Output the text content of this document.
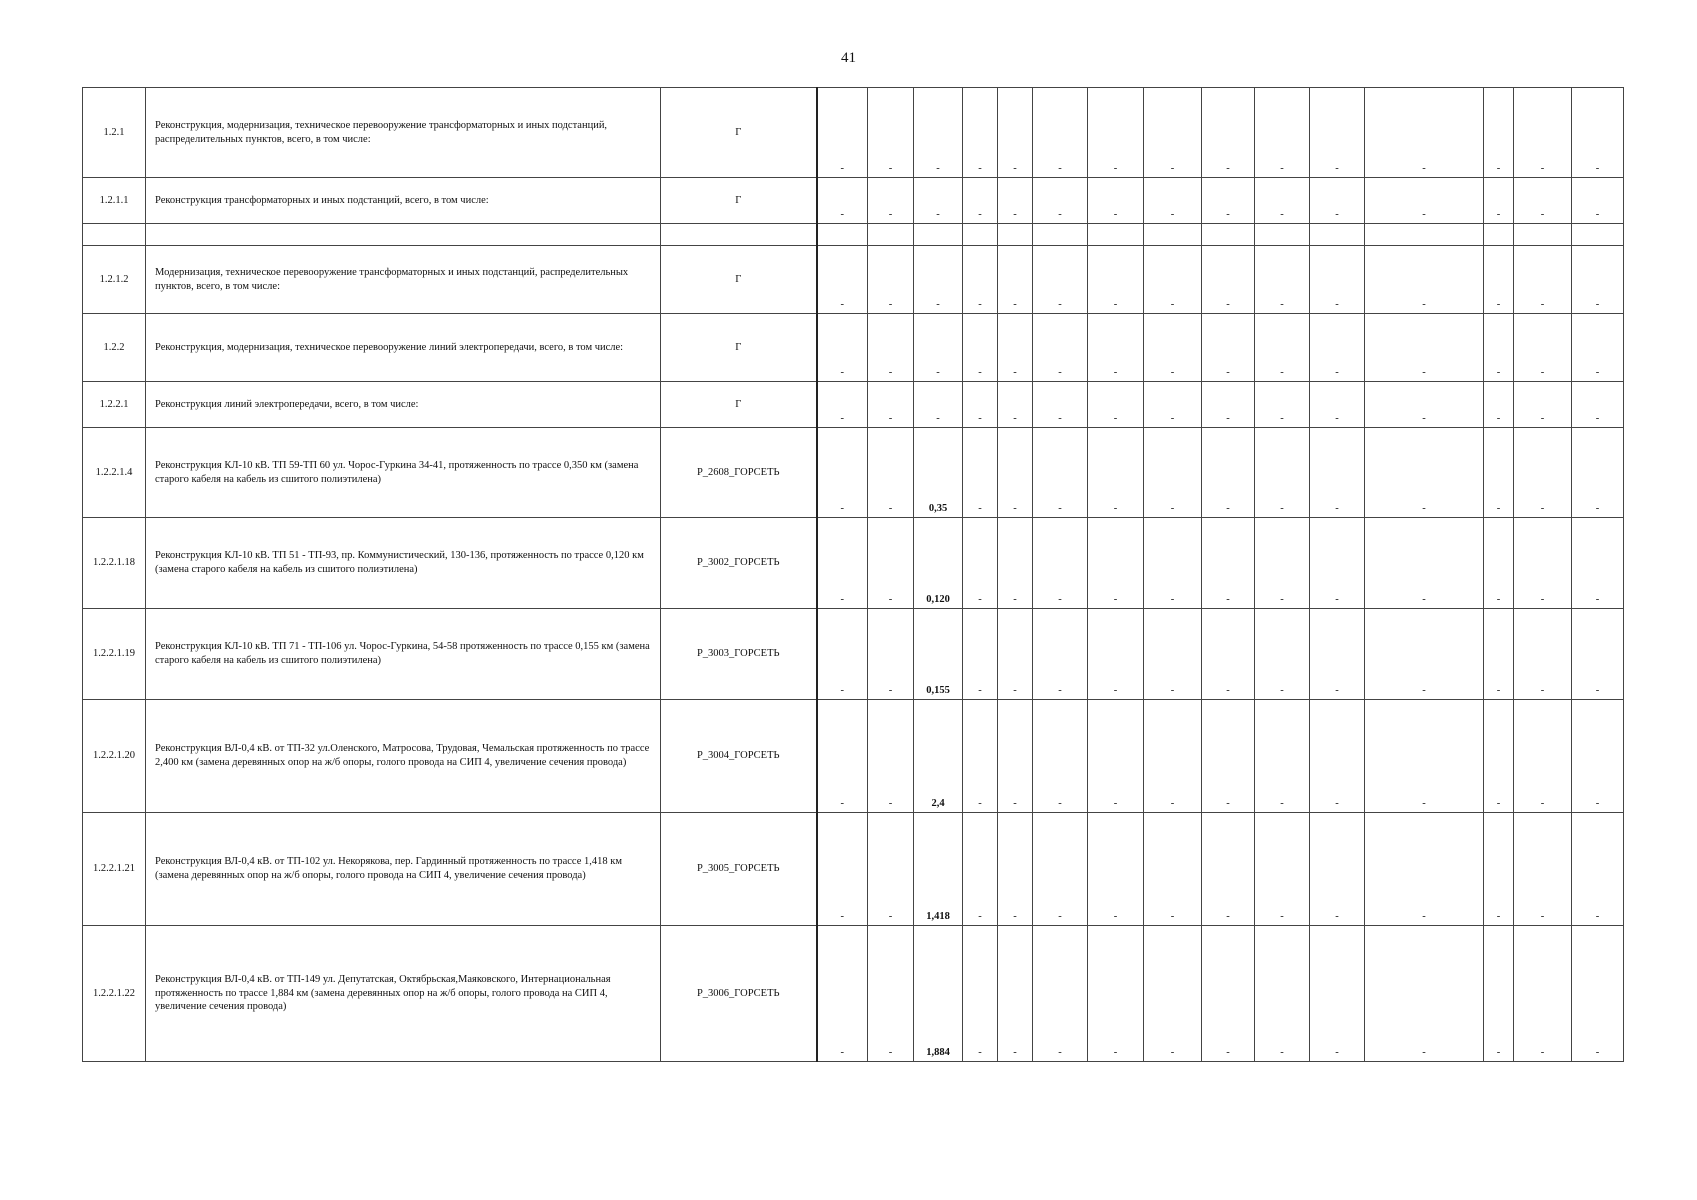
41
1.2.1	Реконструкция, модернизация, техническое перевооружение трансформаторных и иных подстанций, распределительных пунктов, всего, в том числе:	Г	-	-	-	-	-	-	-	-	-	-	-	-	-	-	-
1.2.1.1	Реконструкция трансформаторных и иных подстанций, всего, в том числе:	Г	-	-	-	-	-	-	-	-	-	-	-	-	-	-	-

1.2.1.2	Модернизация, техническое перевооружение трансформаторных и иных подстанций, распределительных пунктов, всего, в том числе:	Г	-	-	-	-	-	-	-	-	-	-	-	-	-	-	-
1.2.2	Реконструкция, модернизация, техническое перевооружение линий электропередачи, всего, в том числе:	Г	-	-	-	-	-	-	-	-	-	-	-	-	-	-	-
1.2.2.1	Реконструкция линий электропередачи, всего, в том числе:	Г	-	-	-	-	-	-	-	-	-	-	-	-	-	-	-
1.2.2.1.4	Реконструкция КЛ-10 кВ. ТП 59-ТП 60 ул. Чорос-Гуркина 34-41, протяженность по трассе 0,350 км (замена старого кабеля на кабель из сшитого полиэтилена)	P_2608_ГОРСЕТЬ	-	-	0,35	-	-	-	-	-	-	-	-	-	-	-	-
1.2.2.1.18	Реконструкция КЛ-10 кВ. ТП 51 - ТП-93, пр. Коммунистический, 130-136, протяженность по трассе 0,120 км (замена старого кабеля на кабель из сшитого полиэтилена)	P_3002_ГОРСЕТЬ	-	-	0,120	-	-	-	-	-	-	-	-	-	-	-	-
1.2.2.1.19	Реконструкция КЛ-10 кВ. ТП 71 - ТП-106 ул. Чорос-Гуркина, 54-58 протяженность по трассе 0,155 км (замена старого кабеля на кабель из сшитого полиэтилена)	P_3003_ГОРСЕТЬ	-	-	0,155	-	-	-	-	-	-	-	-	-	-	-	-
1.2.2.1.20	Реконструкция ВЛ-0,4 кВ. от ТП-32 ул.Оленского, Матросова, Трудовая, Чемальская протяженность по трассе 2,400 км (замена деревянных опор на ж/б опоры, голого провода на СИП 4, увеличение сечения провода)	P_3004_ГОРСЕТЬ	-	-	2,4	-	-	-	-	-	-	-	-	-	-	-	-
1.2.2.1.21	Реконструкция ВЛ-0,4 кВ. от ТП-102 ул. Некорякова, пер. Гардинный протяженность по трассе 1,418 км (замена деревянных опор на ж/б опоры, голого провода на СИП 4, увеличение сечения провода)	P_3005_ГОРСЕТЬ	-	-	1,418	-	-	-	-	-	-	-	-	-	-	-	-
1.2.2.1.22	Реконструкция ВЛ-0,4 кВ. от ТП-149 ул. Депутатская, Октябрьская,Маяковского, Интернациональная протяженность по трассе 1,884 км (замена деревянных опор на ж/б опоры, голого провода на СИП 4, увеличение сечения провода)	P_3006_ГОРСЕТЬ	-	-	1,884	-	-	-	-	-	-	-	-	-	-	-	-
